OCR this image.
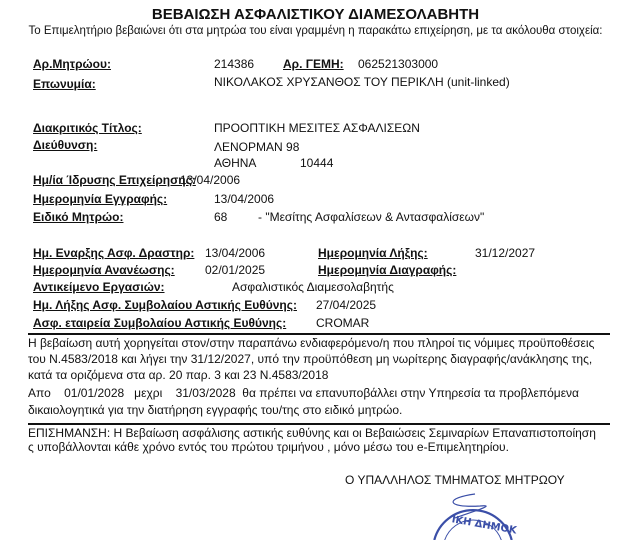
ΒΕΒΑΙΩΣΗ ΑΣΦΑΛΙΣΤΙΚΟΥ ΔΙΑΜΕΣΟΛΑΒΗΤΗ
Το Επιμελητήριο βεβαιώνει ότι στα μητρώα του είναι γραμμένη η παρακάτω επιχείρηση, με τα ακόλουθα στοιχεία:
Αρ.Μητρώου:	214386 Αρ. ΓΕΜΗ: 062521303000
Επωνυμία:	ΝΙΚΟΛΑΚΟΣ ΧΡΥΣΑΝΘΟΣ ΤΟΥ ΠΕΡΙΚΛΗ (unit-linked)
Διακριτικός Τίτλος:	ΠΡΟΟΠΤΙΚΗ ΜΕΣΙΤΕΣ ΑΣΦΑΛΙΣΕΩΝ
Διεύθυνση:	ΛΕΝΟΡΜΑΝ 98
ΑΘΗΝΑ	10444
Ημ/ία Ίδρυσης Επιχείρησης:
13/04/2006
Ημερομηνία Εγγραφής:	13/04/2006
Ειδικό Μητρώο:	68	- "Μεσίτης Ασφαλίσεων & Αντασφαλίσεων"
Ημ. Εναρξης Ασφ. Δραστηρ: 13/04/2006	Ημερομηνία Λήξης:	31/12/2027
Ημερομηνία Ανανέωσης:	02/01/2025	Ημερομηνία Διαγραφής:
Αντικείμενο Εργασιών:	Ασφαλιστικός Διαμεσολαβητής
Ημ. Λήξης Ασφ. Συμβολαίου Αστικής Ευθύνης: 27/04/2025
Ασφ. εταιρεία Συμβολαίου Αστικής Ευθύνης: CROMAR
Η βεβαίωση αυτή χορηγείται στον/στην παραπάνω ενδιαφερόμενο/η που πληροί τις νόμιμες προϋποθέσεις
του Ν.4583/2018 και λήγει την 31/12/2027, υπό την προϋπόθεση μη νωρίτερης διαγραφής/ανάκλησης της,
κατά τα οριζόμενα στα αρ. 20 παρ. 3 και 23 Ν.4583/2018
Απο    01/01/2028   μεχρι    31/03/2028  θα πρέπει να επανυποβάλλει στην Υπηρεσία τα προβλεπόμενα
δικαιολογητικά για την διατήρηση εγγραφής του/της στο ειδικό μητρώο.
ΕΠΙΣΗΜΑΝΣΗ: Η Βεβαίωση ασφάλισης αστικής ευθύνης και οι Βεβαιώσεις Σεμιναρίων Επαναπιστοποίηση
ς υποβάλλονται κάθε χρόνο εντός του πρώτου τριμήνου , μόνο μέσω του e-Επιμελητηρίου.
Ο ΥΠΑΛΛΗΛΟΣ ΤΜΗΜΑΤΟΣ ΜΗΤΡΩΟΥ
ΙΚΗ ΔΗΜΟΚ
